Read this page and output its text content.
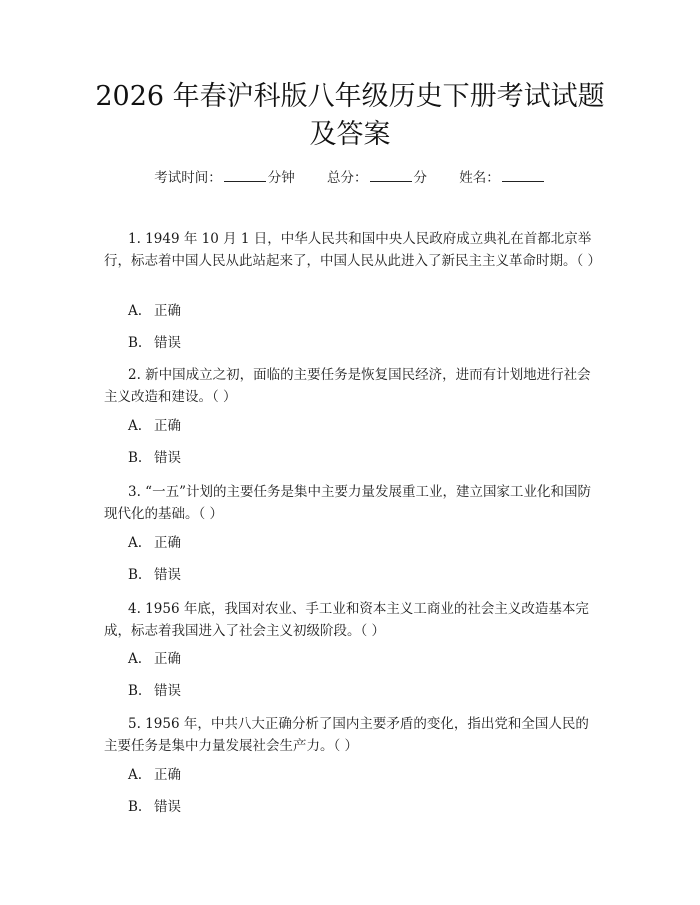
2026 年春沪科版八年级历史下册考试试题及答案
考试时间：	分钟 总分：	分 姓名：

1. 1949 年 10 月 1 日，中华人民共和国中央人民政府成立典礼在首都北京举行，标志着中国人民从此站起来了，中国人民从此进入了新民主主义革命时期。（ ）

A. 正确

B. 错误

2. 新中国成立之初，面临的主要任务是恢复国民经济，进而有计划地进行社会主义改造和建设。（ ）

A. 正确

B. 错误

3. “一五”计划的主要任务是集中主要力量发展重工业，建立国家工业化和国防现代化的基础。（ ）

A. 正确

B. 错误

4. 1956 年底，我国对农业、手工业和资本主义工商业的社会主义改造基本完成，标志着我国进入了社会主义初级阶段。（ ）

A. 正确

B. 错误

5. 1956 年，中共八大正确分析了国内主要矛盾的变化，指出党和全国人民的主要任务是集中力量发展社会生产力。（ ）

A. 正确

B. 错误
